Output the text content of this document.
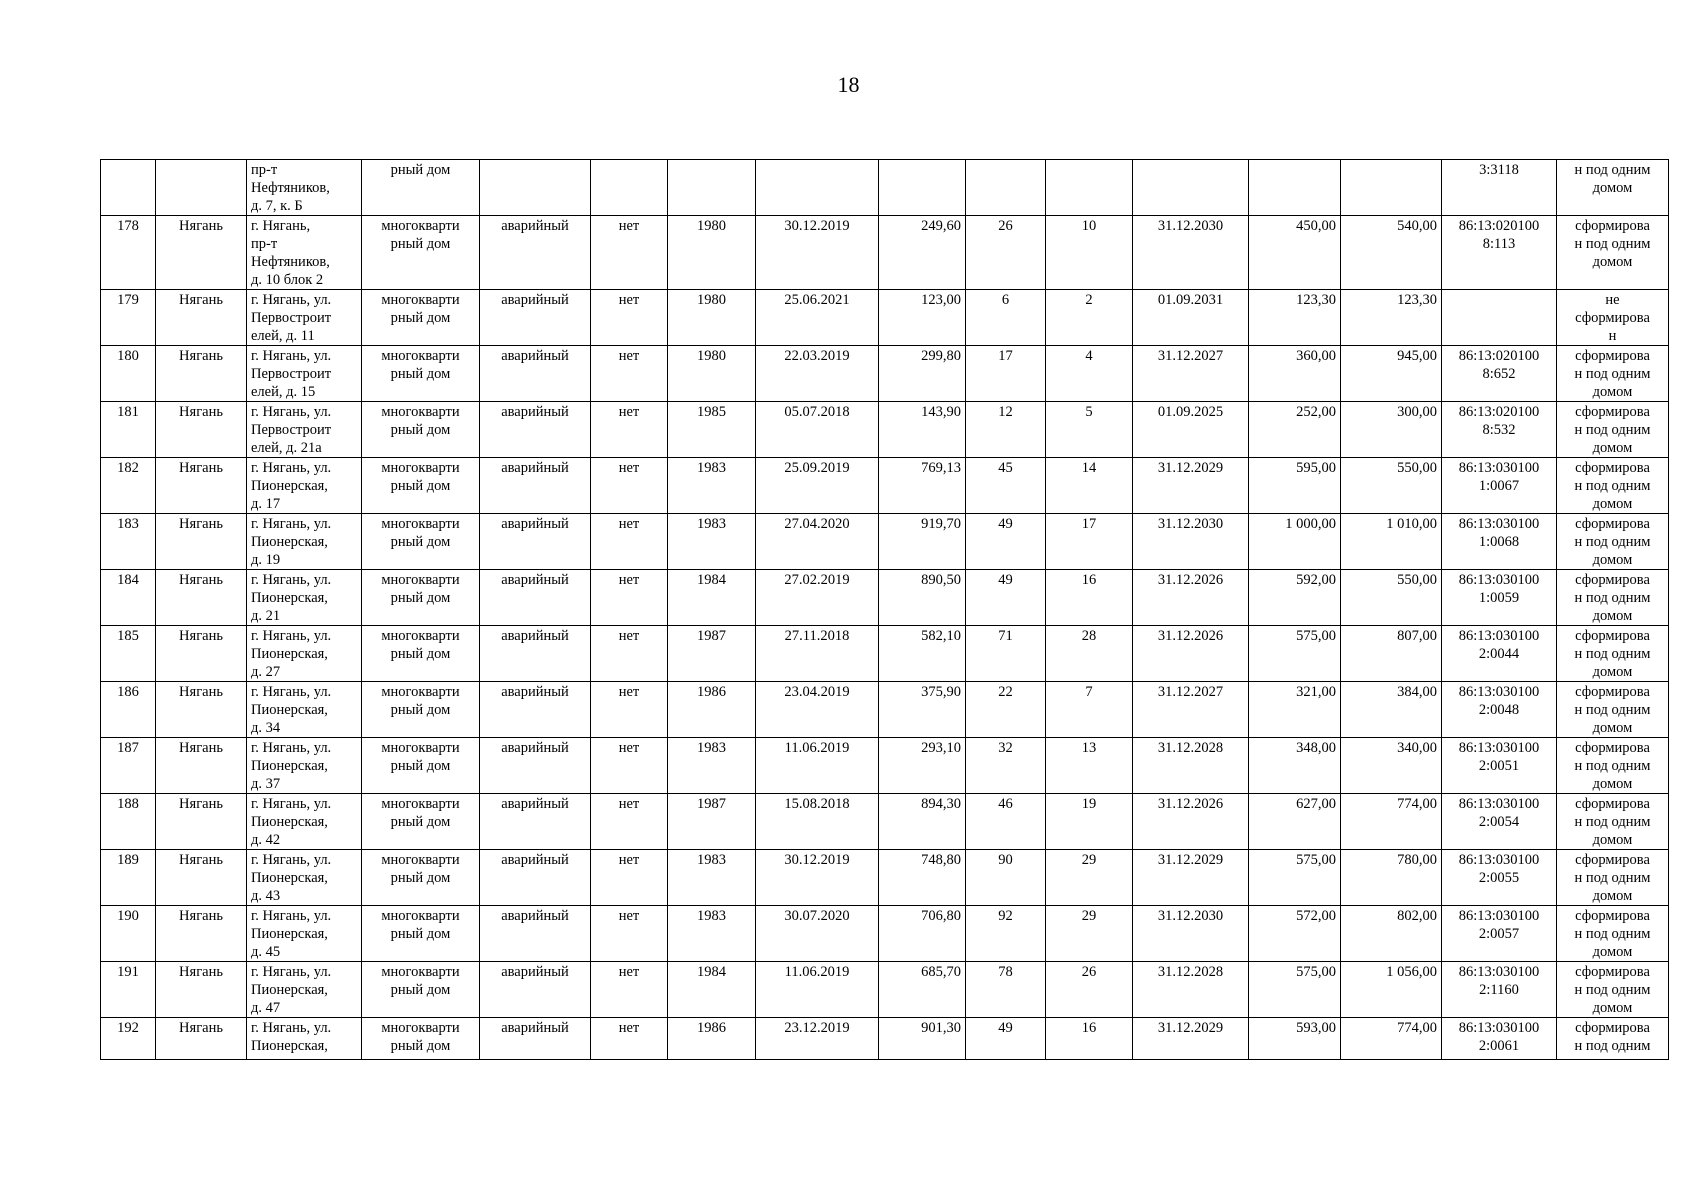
18
		пр-т
Нефтяников,
д. 7, к. Б	рный дом											3:3118	н под одним
домом
178	Нягань	г. Нягань,
пр-т
Нефтяников,
д. 10 блок 2	многокварти
рный дом	аварийный	нет	1980	30.12.2019	249,60	26	10	31.12.2030	450,00	540,00	86:13:020100
8:113	сформирова
н под одним
домом
179	Нягань	г. Нягань, ул.
Первостроит
елей, д. 11	многокварти
рный дом	аварийный	нет	1980	25.06.2021	123,00	6	2	01.09.2031	123,30	123,30		не
сформирова
н
180	Нягань	г. Нягань, ул.
Первостроит
елей, д. 15	многокварти
рный дом	аварийный	нет	1980	22.03.2019	299,80	17	4	31.12.2027	360,00	945,00	86:13:020100
8:652	сформирова
н под одним
домом
181	Нягань	г. Нягань, ул.
Первостроит
елей, д. 21а	многокварти
рный дом	аварийный	нет	1985	05.07.2018	143,90	12	5	01.09.2025	252,00	300,00	86:13:020100
8:532	сформирова
н под одним
домом
182	Нягань	г. Нягань, ул.
Пионерская,
д. 17	многокварти
рный дом	аварийный	нет	1983	25.09.2019	769,13	45	14	31.12.2029	595,00	550,00	86:13:030100
1:0067	сформирова
н под одним
домом
183	Нягань	г. Нягань, ул.
Пионерская,
д. 19	многокварти
рный дом	аварийный	нет	1983	27.04.2020	919,70	49	17	31.12.2030	1 000,00	1 010,00	86:13:030100
1:0068	сформирова
н под одним
домом
184	Нягань	г. Нягань, ул.
Пионерская,
д. 21	многокварти
рный дом	аварийный	нет	1984	27.02.2019	890,50	49	16	31.12.2026	592,00	550,00	86:13:030100
1:0059	сформирова
н под одним
домом
185	Нягань	г. Нягань, ул.
Пионерская,
д. 27	многокварти
рный дом	аварийный	нет	1987	27.11.2018	582,10	71	28	31.12.2026	575,00	807,00	86:13:030100
2:0044	сформирова
н под одним
домом
186	Нягань	г. Нягань, ул.
Пионерская,
д. 34	многокварти
рный дом	аварийный	нет	1986	23.04.2019	375,90	22	7	31.12.2027	321,00	384,00	86:13:030100
2:0048	сформирова
н под одним
домом
187	Нягань	г. Нягань, ул.
Пионерская,
д. 37	многокварти
рный дом	аварийный	нет	1983	11.06.2019	293,10	32	13	31.12.2028	348,00	340,00	86:13:030100
2:0051	сформирова
н под одним
домом
188	Нягань	г. Нягань, ул.
Пионерская,
д. 42	многокварти
рный дом	аварийный	нет	1987	15.08.2018	894,30	46	19	31.12.2026	627,00	774,00	86:13:030100
2:0054	сформирова
н под одним
домом
189	Нягань	г. Нягань, ул.
Пионерская,
д. 43	многокварти
рный дом	аварийный	нет	1983	30.12.2019	748,80	90	29	31.12.2029	575,00	780,00	86:13:030100
2:0055	сформирова
н под одним
домом
190	Нягань	г. Нягань, ул.
Пионерская,
д. 45	многокварти
рный дом	аварийный	нет	1983	30.07.2020	706,80	92	29	31.12.2030	572,00	802,00	86:13:030100
2:0057	сформирова
н под одним
домом
191	Нягань	г. Нягань, ул.
Пионерская,
д. 47	многокварти
рный дом	аварийный	нет	1984	11.06.2019	685,70	78	26	31.12.2028	575,00	1 056,00	86:13:030100
2:1160	сформирова
н под одним
домом
192	Нягань	г. Нягань, ул.
Пионерская,	многокварти
рный дом	аварийный	нет	1986	23.12.2019	901,30	49	16	31.12.2029	593,00	774,00	86:13:030100
2:0061	сформирова
н под одним
